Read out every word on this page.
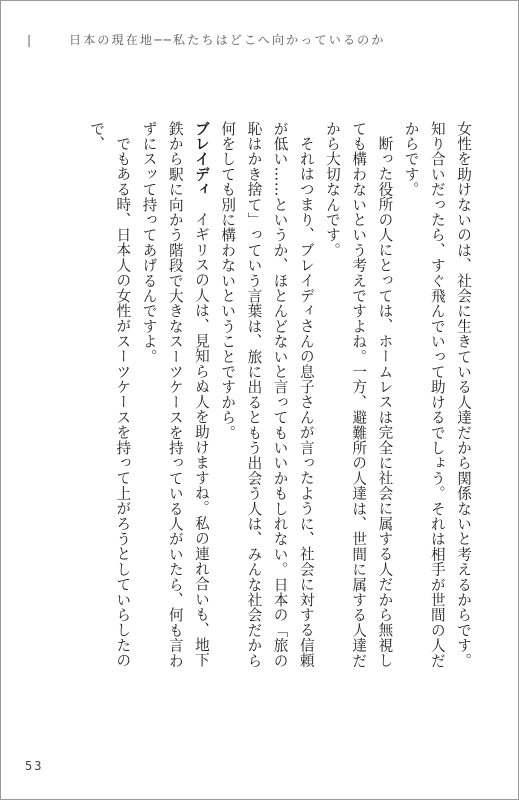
|	日本の現在地──私たちはどこへ向かっているのか

女性を助けないのは、社会に生きている人達だから関係ないと考えるからです。知り合いだったら、すぐ飛んでいって助けるでしょう。それは相手が世間の人だからです。

断った役所の人にとっては、ホームレスは完全に社会に属する人だから無視しても構わないという考えですよね。一方、避難所の人達は、世間に属する人達だから大切なんです。

それはつまり、ブレイディさんの息子さんが言ったように、社会に対する信頼が低い……というか、ほとんどないと言ってもいいかもしれない。日本の「旅の恥はかき捨て」っていう言葉は、旅に出るともう出会う人は、みんな社会だから何をしても別に構わないということですから。

ブレイディイギリスの人は、見知らぬ人を助けますね。私の連れ合いも、地下鉄から駅に向かう階段で大きなスーツケースを持っている人がいたら、何も言わずにスッて持ってあげるんですよ。

でもある時、日本人の女性がスーツケースを持って上がろうとしていらしたので、

53
